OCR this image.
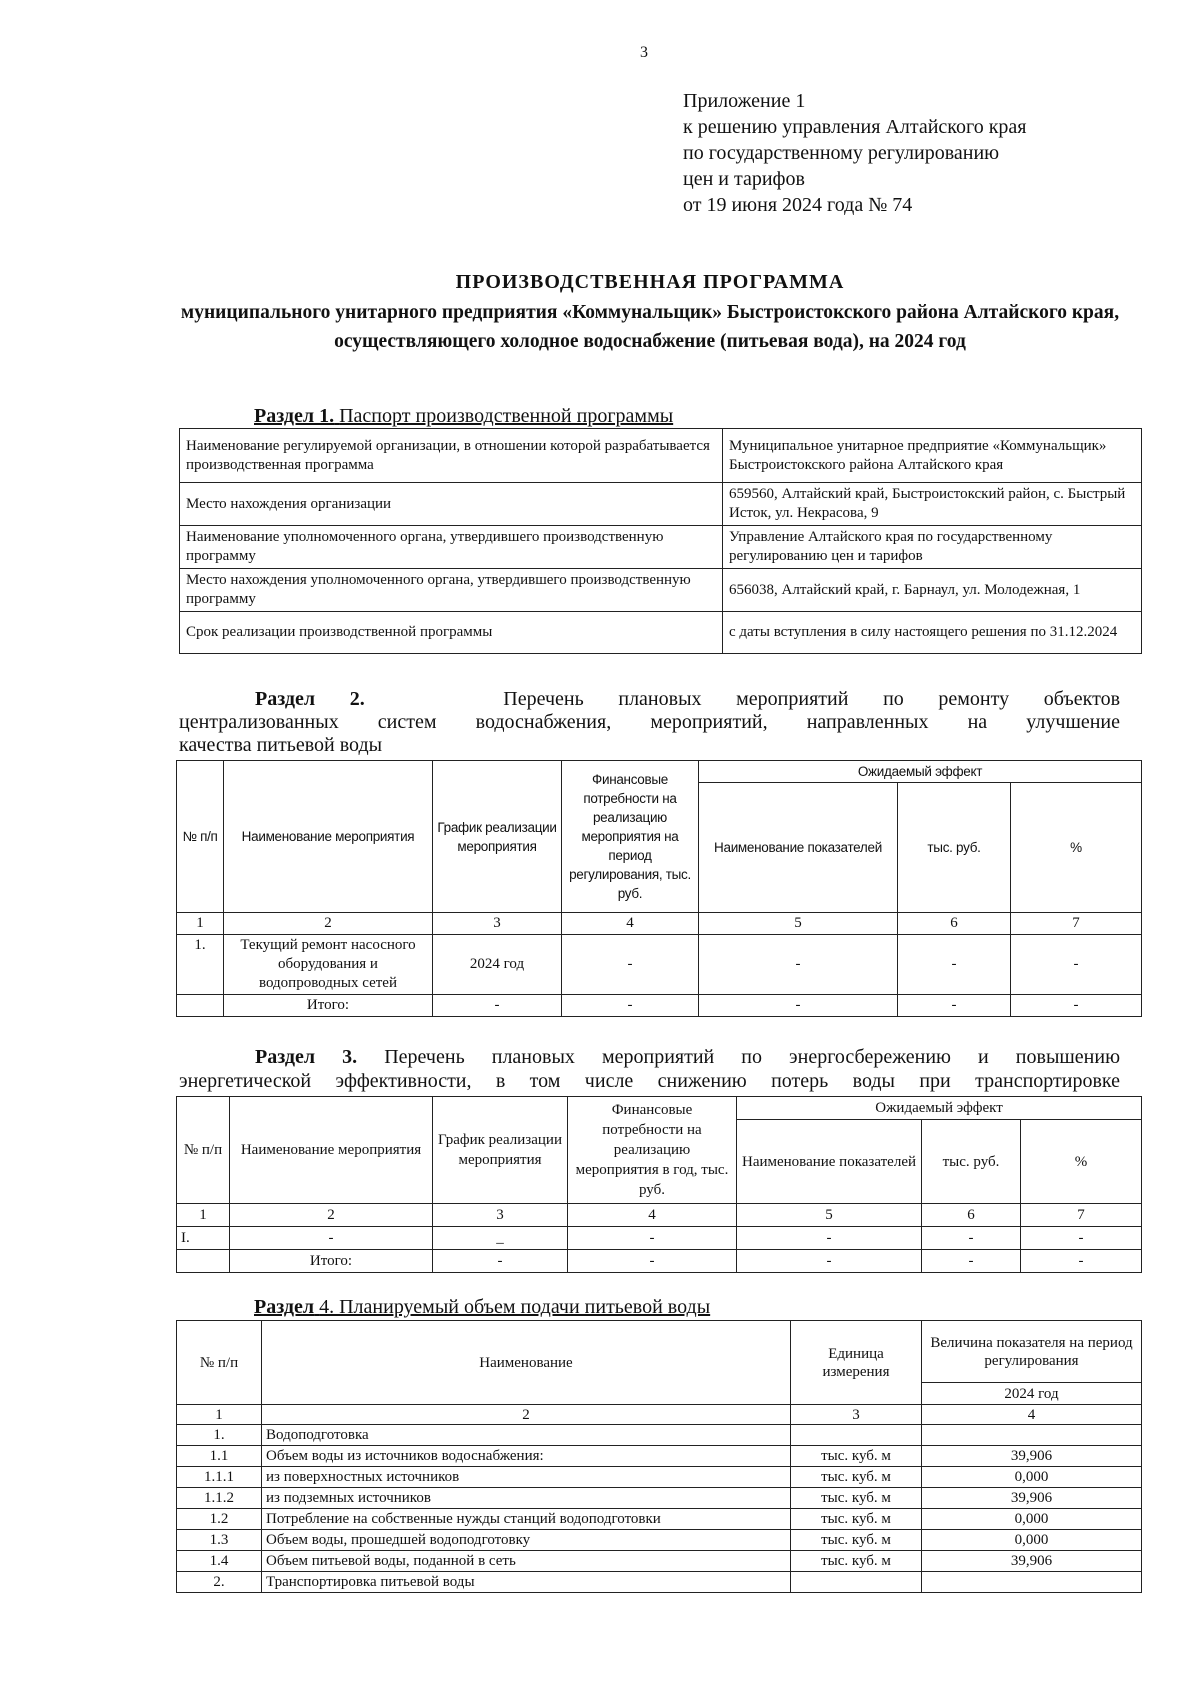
3
Приложение 1
к решению управления Алтайского края
по государственному регулированию
цен и тарифов
от 19 июня 2024 года № 74
ПРОИЗВОДСТВЕННАЯ ПРОГРАММА
муниципального унитарного предприятия «Коммунальщик» Быстроистокского района Алтайского края, осуществляющего холодное водоснабжение (питьевая вода), на 2024 год
Раздел 1. Паспорт производственной программы
Наименование регулируемой организации, в отношении которой разрабатывается производственная программа	Муниципальное унитарное предприятие «Коммунальщик» Быстроистокского района Алтайского края
Место нахождения организации	659560, Алтайский край, Быстроистокский район, с. Быстрый Исток, ул. Некрасова, 9
Наименование уполномоченного органа, утвердившего производственную программу	Управление Алтайского края по государственному регулированию цен и тарифов
Место нахождения уполномоченного органа, утвердившего производственную программу	656038, Алтайский край, г. Барнаул, ул. Молодежная, 1
Срок реализации производственной программы	с даты вступления в силу настоящего решения по 31.12.2024
Раздел 2.	Перечень плановых мероприятий по ремонту объектов
централизованных систем водоснабжения, мероприятий, направленных на улучшение
качества питьевой воды
№ п/п	Наименование мероприятия	График реализации мероприятия	Финансовые потребности на реализацию мероприятия на период регулирования, тыс. руб.	Ожидаемый эффект		
				Наименование показателей	тыс. руб.	%
1	2	3	4	5	6	7
1.	Текущий ремонт насосного оборудования и водопроводных сетей	2024 год	-	-	-	-
	Итого:	-	-	-	-	-
Раздел 3. Перечень плановых мероприятий по энергосбережению и повышению
энергетической эффективности, в том числе снижению потерь воды при транспортировке
№ п/п	Наименование мероприятия	График реализации мероприятия	Финансовые потребности на реализацию мероприятия в год, тыс. руб.	Ожидаемый эффект		
				Наименование показателей	тыс. руб.	%
1	2	3	4	5	6	7
I.	-	_	-	-	-	-
	Итого:	-	-	-	-	-
Раздел 4. Планируемый объем подачи питьевой воды
№ п/п	Наименование	Единица измерения	Величина показателя на период регулирования
			2024 год
1	2	3	4
1.	Водоподготовка		
1.1	Объем воды из источников водоснабжения:	тыс. куб. м	39,906
1.1.1	из поверхностных источников	тыс. куб. м	0,000
1.1.2	из подземных источников	тыс. куб. м	39,906
1.2	Потребление на собственные нужды станций водоподготовки	тыс. куб. м	0,000
1.3	Объем воды, прошедшей водоподготовку	тыс. куб. м	0,000
1.4	Объем питьевой воды, поданной в сеть	тыс. куб. м	39,906
2.	Транспортировка питьевой воды		
